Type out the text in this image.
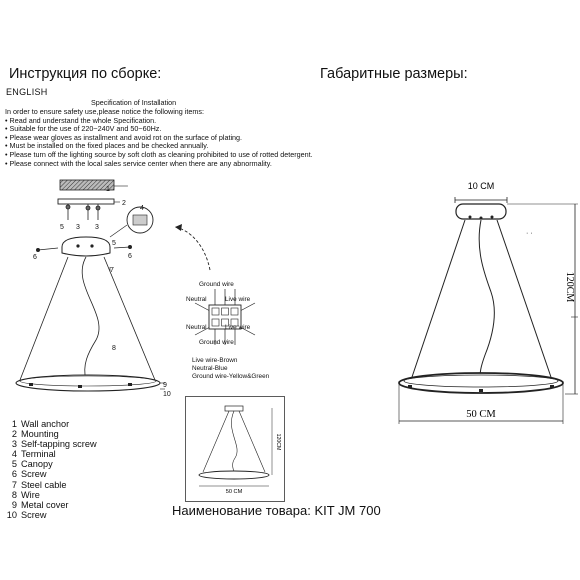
Инструкция по сборке:	Габаритные размеры:
ENGLISH
Specification of Installation
In order to ensure safety use,please notice the following items:
• Read and understand the whole Specification.
• Suitable for the use of 220~240V and 50~60Hz.
• Please wear gloves as installment and avoid rot on the surface of plating.
• Must be installed on the fixed places and be checked annually.
• Please turn off the lighting source by soft cloth as cleaning prohibited to use of rotted detergent.
• Please connect with the local sales service center when there are any abnormality.
1
2
3
4
5
6
7
8
9
10
5	3
6
Ground wire
Neutral	Live wire
Neutral	Live wire
Ground wire
Live wire-Brown
Neutral-Blue
Ground wire-Yellow&Green
1 Wall anchor
2 Mounting
3 Self-tapping screw
4 Terminal
5 Canopy
6 Screw
7 Steel cable
8 Wire
9 Metal cover
10 Screw
120CM
50 CM
10 CM
· ·
120CM
50 CM
Наименование товара: KIT JM 700
